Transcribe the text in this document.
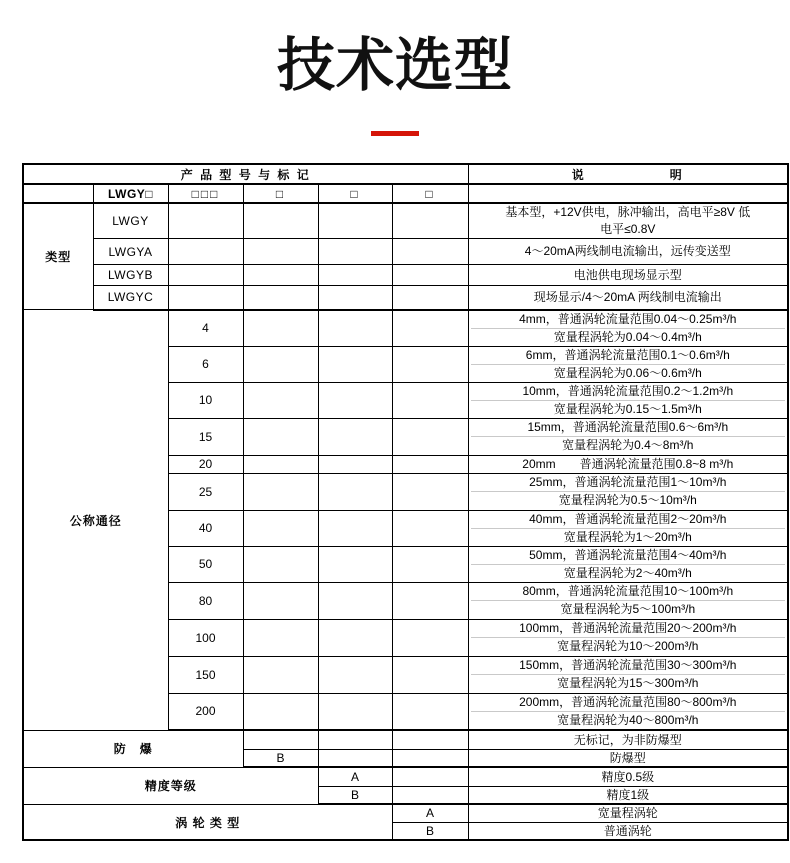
技术选型
产 品 型 号 与 标 记						说　　　　　　明
	LWGY□	□□□	□	□	□	
类型	LWGY					基本型，+12V供电，脉冲输出，高电平≥8V 低
电平≤0.8V

	LWGYA					4～20mA两线制电流输出，远传变送型

	LWGYB					电池供电现场显示型

	LWGYC					现场显示/4～20mA 两线制电流输出

公称通径		4				4mm，普通涡轮流量范围0.04～0.25m³/h
宽量程涡轮为0.04～0.4m³/h

		6				6mm，普通涡轮流量范围0.1～0.6m³/h
宽量程涡轮为0.06～0.6m³/h

		10				10mm，普通涡轮流量范围0.2～1.2m³/h
宽量程涡轮为0.15～1.5m³/h

		15				15mm，普通涡轮流量范围0.6～6m³/h
宽量程涡轮为0.4～8m³/h

		20				20mm　　普通涡轮流量范围0.8~8 m³/h

		25				25mm，普通涡轮流量范围1～10m³/h
宽量程涡轮为0.5～10m³/h

		40				40mm，普通涡轮流量范围2～20m³/h
宽量程涡轮为1～20m³/h

		50				50mm，普通涡轮流量范围4～40m³/h
宽量程涡轮为2～40m³/h

		80				80mm，普通涡轮流量范围10～100m³/h
宽量程涡轮为5～100m³/h

		100				100mm，普通涡轮流量范围20～200m³/h
宽量程涡轮为10～200m³/h

		150				150mm，普通涡轮流量范围30～300m³/h
宽量程涡轮为15～300m³/h

		200				200mm，普通涡轮流量范围80～800m³/h
宽量程涡轮为40～800m³/h

防　爆						无标记，为非防爆型

			B			防爆型

精度等级				A		精度0.5级

				B		精度1级

涡 轮 类 型					A	宽量程涡轮

					B	普通涡轮
